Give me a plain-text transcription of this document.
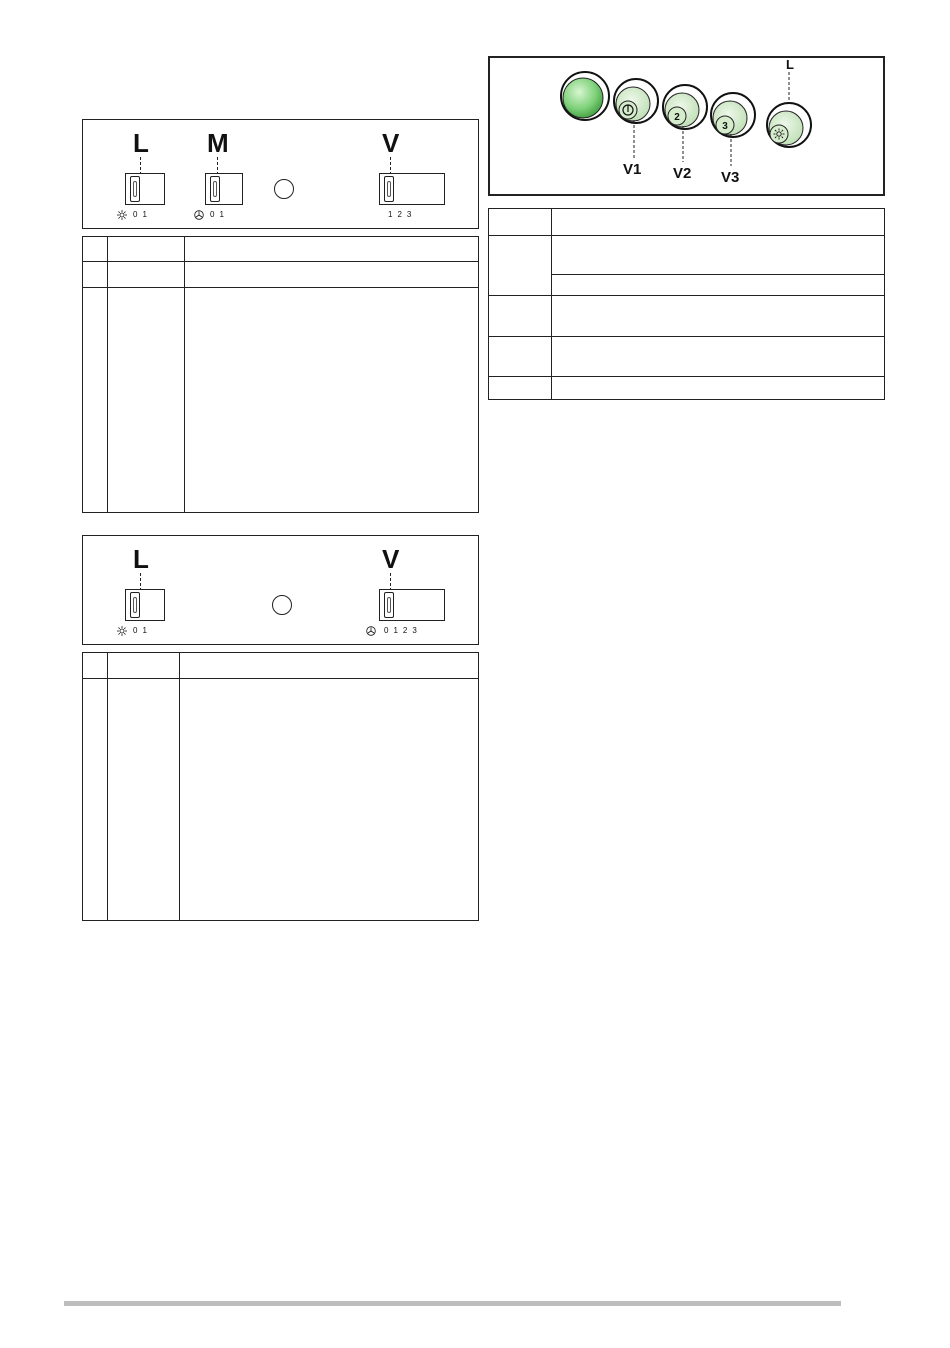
L
0 1
M
0 1
V
1 2 3

L
0 1
V
0 1 2 3

2
3
V1 V2 V3
L
